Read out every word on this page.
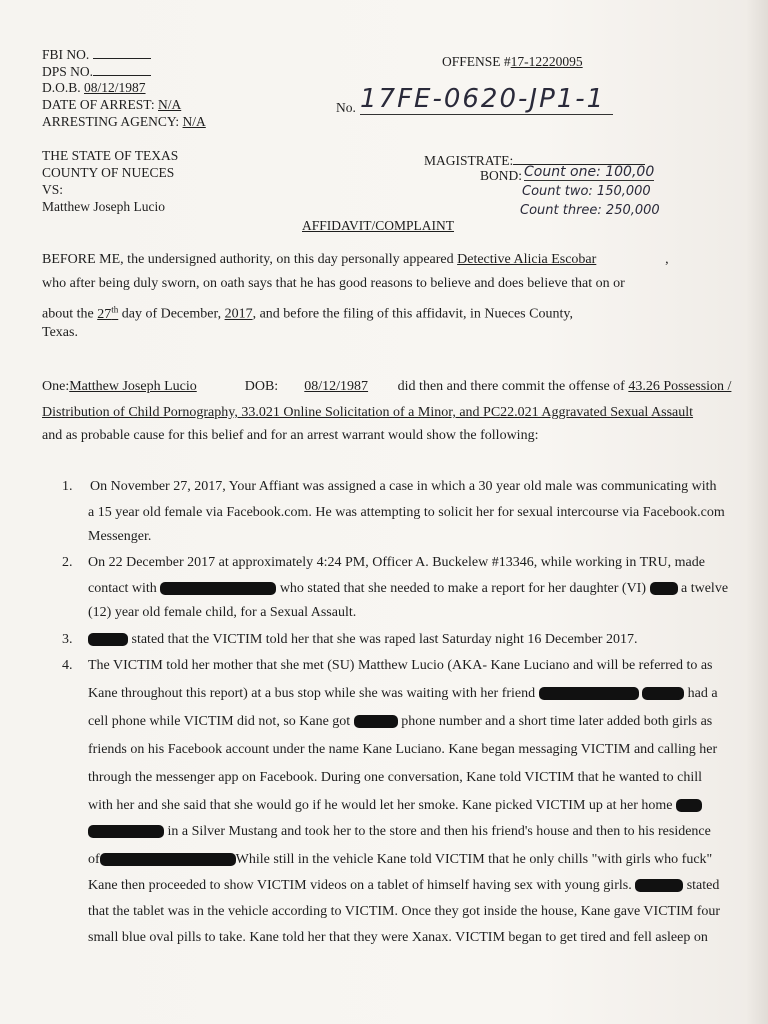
FBI NO.
DPS NO.
D.O.B. 08/12/1987
DATE OF ARREST: N/A
ARRESTING AGENCY: N/A
OFFENSE #17-12220095
No. 17FE-0620-JP1-1
THE STATE OF TEXAS
COUNTY OF NUECES
VS:
Matthew Joseph Lucio
MAGISTRATE:
BOND: Count one: 100,00
Count two: 150,000
Count three: 250,000
AFFIDAVIT/COMPLAINT
BEFORE ME, the undersigned authority, on this day personally appeared Detective Alicia Escobar	,
who after being duly sworn, on oath says that he has good reasons to believe and does believe that on or
about the 27th day of December, 2017, and before the filing of this affidavit, in Nueces County,
Texas.
One:Matthew Joseph Lucio	DOB: 08/12/1987 did then and there commit the offense of 43.26 Possession /
Distribution of Child Pornography, 33.021 Online Solicitation of a Minor, and PC22.021 Aggravated Sexual Assault
and as probable cause for this belief and for an arrest warrant would show the following:
1. On November 27, 2017, Your Affiant was assigned a case in which a 30 year old male was communicating with
a 15 year old female via Facebook.com. He was attempting to solicit her for sexual intercourse via Facebook.com
Messenger.
2. On 22 December 2017 at approximately 4:24 PM, Officer A. Buckelew #13346, while working in TRU, made
contact with	who stated that she needed to make a report for her daughter (VI)	a twelve
(12) year old female child, for a Sexual Assault.
3.	stated that the VICTIM told her that she was raped last Saturday night 16 December 2017.
4. The VICTIM told her mother that she met (SU) Matthew Lucio (AKA- Kane Luciano and will be referred to as
Kane throughout this report) at a bus stop while she was waiting with her friend	had a
cell phone while VICTIM did not, so Kane got	phone number and a short time later added both girls as
friends on his Facebook account under the name Kane Luciano. Kane began messaging VICTIM and calling her
through the messenger app on Facebook. During one conversation, Kane told VICTIM that he wanted to chill
with her and she said that she would go if he would let her smoke. Kane picked VICTIM up at her home
in a Silver Mustang and took her to the store and then his friend's house and then to his residence
of	While still in the vehicle Kane told VICTIM that he only chills "with girls who fuck"
Kane then proceeded to show VICTIM videos on a tablet of himself having sex with young girls.	stated
that the tablet was in the vehicle according to VICTIM. Once they got inside the house, Kane gave VICTIM four
small blue oval pills to take. Kane told her that they were Xanax. VICTIM began to get tired and fell asleep on
